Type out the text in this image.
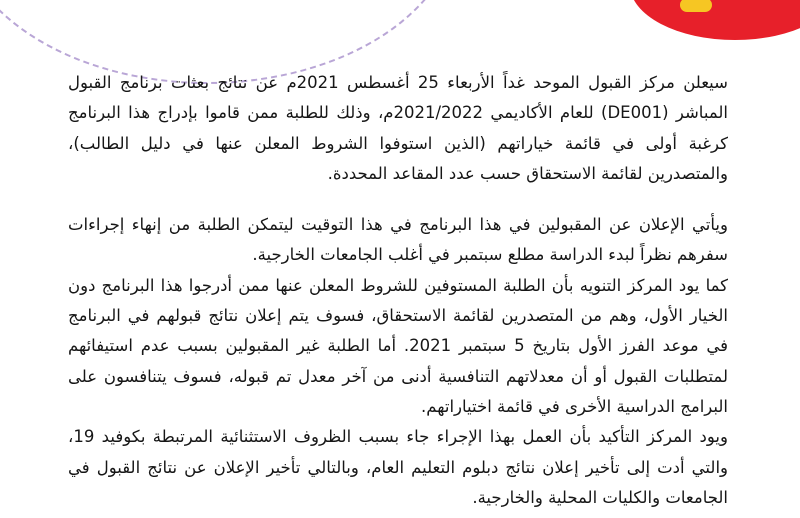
سيعلن مركز القبول الموحد غداً الأربعاء 25 أغسطس 2021م عن نتائج بعثات برنامج القبول المباشر (DE001) للعام الأكاديمي 2021/2022م، وذلك للطلبة ممن قاموا بإدراج هذا البرنامج كرغبة أولى في قائمة خياراتهم (الذين استوفوا الشروط المعلن عنها في دليل الطالب)، والمتصدرين لقائمة الاستحقاق حسب عدد المقاعد المحددة.

ويأتي الإعلان عن المقبولين في هذا البرنامج في هذا التوقيت ليتمكن الطلبة من إنهاء إجراءات سفرهم نظراً لبدء الدراسة مطلع سبتمبر في أغلب الجامعات الخارجية.

كما يود المركز التنويه بأن الطلبة المستوفين للشروط المعلن عنها ممن أدرجوا هذا البرنامج دون الخيار الأول، وهم من المتصدرين لقائمة الاستحقاق، فسوف يتم إعلان نتائج قبولهم في البرنامج في موعد الفرز الأول بتاريخ 5 سبتمبر 2021. أما الطلبة غير المقبولين بسبب عدم استيفائهم لمتطلبات القبول أو أن معدلاتهم التنافسية أدنى من آخر معدل تم قبوله، فسوف يتنافسون على البرامج الدراسية الأخرى في قائمة اختياراتهم.

ويود المركز التأكيد بأن العمل بهذا الإجراء جاء بسبب الظروف الاستثنائية المرتبطة بكوفيد 19، والتي أدت إلى تأخير إعلان نتائج دبلوم التعليم العام، وبالتالي تأخير الإعلان عن نتائج القبول في الجامعات والكليات المحلية والخارجية.
